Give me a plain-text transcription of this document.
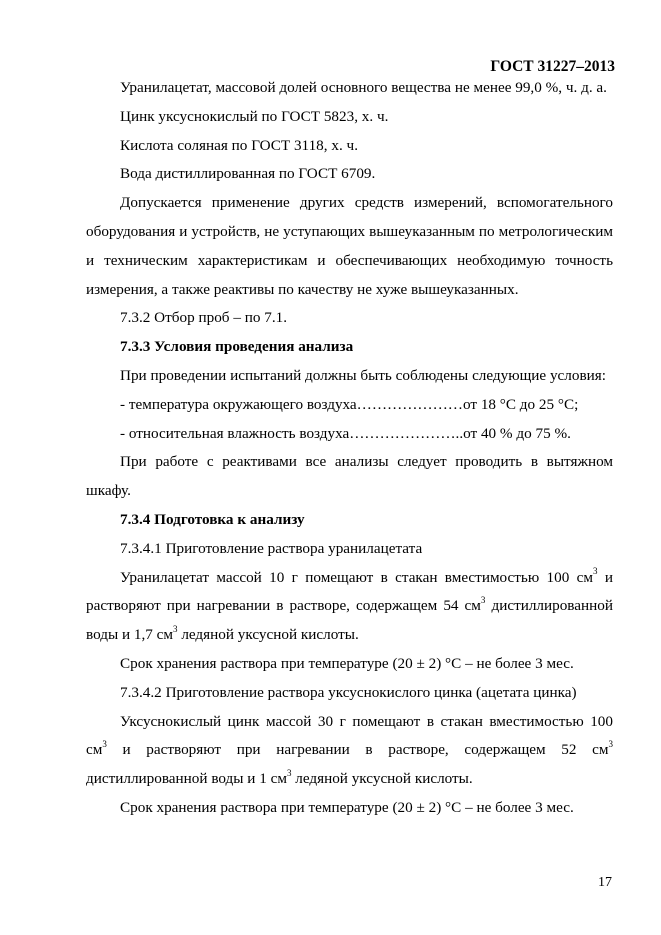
ГОСТ 31227–2013

Уранилацетат, массовой долей основного вещества не менее 99,0 %, ч. д. а.

Цинк уксуснокислый по ГОСТ 5823, х. ч.

Кислота соляная по ГОСТ 3118, х. ч.

Вода дистиллированная по ГОСТ 6709.

Допускается применение других средств измерений, вспомогательного оборудования и устройств, не уступающих вышеуказанным по метрологическим и техническим характеристикам и обеспечивающих необходимую точность измерения, а также реактивы по качеству не хуже вышеуказанных.

7.3.2 Отбор проб – по 7.1.

7.3.3 Условия проведения анализа

При проведении испытаний должны быть соблюдены следующие условия:

- температура окружающего воздуха…………………от 18 °С до 25 °С;

- относительная влажность воздуха…………………..от 40 % до 75 %.

При работе с реактивами все анализы следует проводить в вытяжном шкафу.

7.3.4 Подготовка к анализу

7.3.4.1 Приготовление раствора уранилацетата

Уранилацетат массой 10 г помещают в стакан вместимостью 100 $см^3$ и растворяют при нагревании в растворе, содержащем 54 $см^3$ дистиллированной воды и 1,7 $см^3$ ледяной уксусной кислоты.

Срок хранения раствора при температуре (20 ± 2) °С – не более 3 мес.

7.3.4.2 Приготовление раствора уксуснокислого цинка (ацетата цинка)

Уксуснокислый цинк массой 30 г помещают в стакан вместимостью 100 $см^3$ и растворяют при нагревании в растворе, содержащем 52 $см^3$ дистиллированной воды и 1 $см^3$ ледяной уксусной кислоты.

Срок хранения раствора при температуре (20 ± 2) °С – не более 3 мес.

17
